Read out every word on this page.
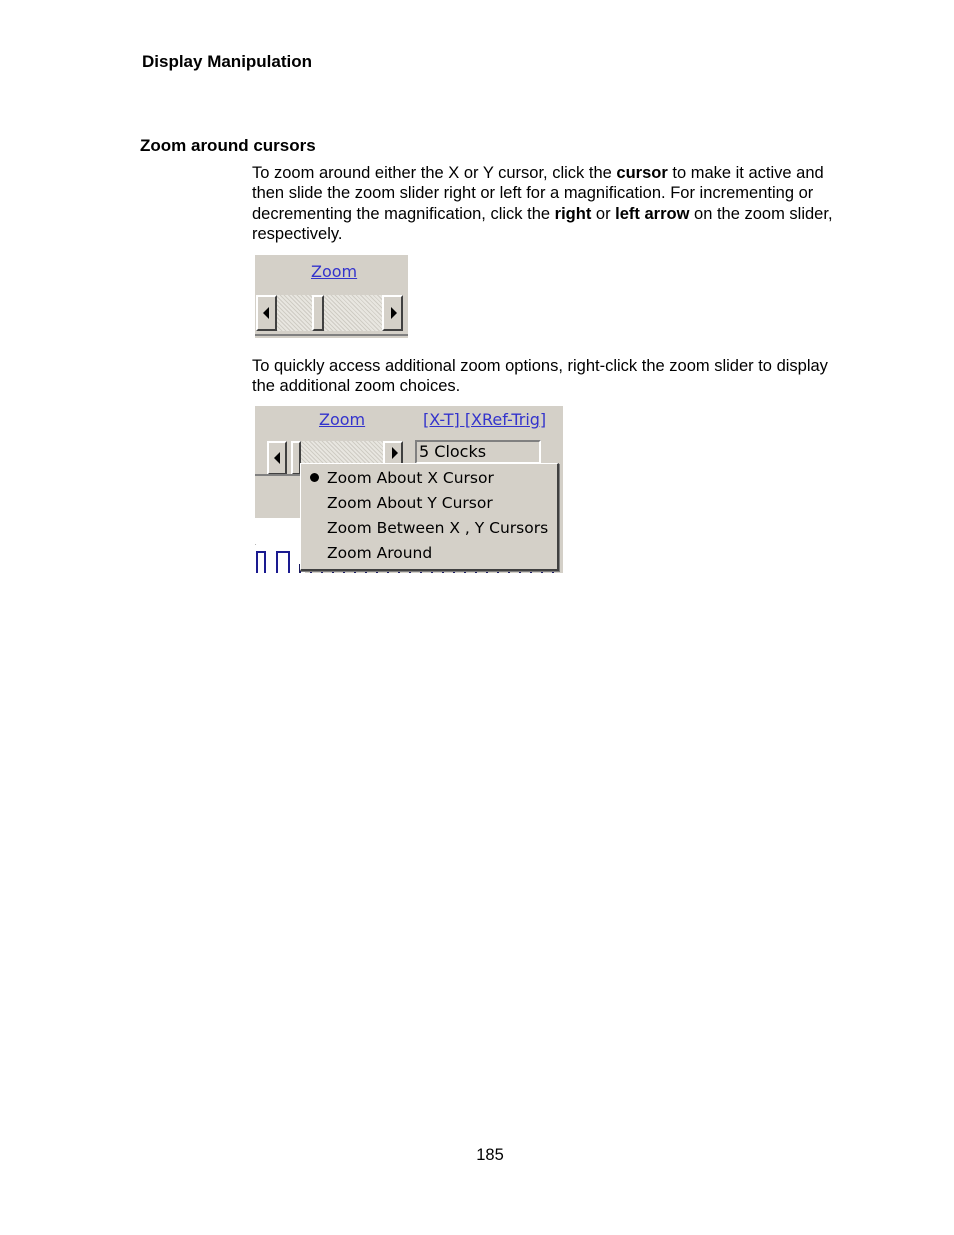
Display Manipulation
Zoom around cursors
To zoom around either the X or Y cursor, click the cursor to make it active and then slide the zoom slider right or left for a magnification. For incrementing or decrementing the magnification, click the right or left arrow on the zoom slider, respectively.
Zoom
To quickly access additional zoom options, right-click the zoom slider to display the additional zoom choices.
Zoom	[X-T] [XRef-Trig]
5 Clocks
Zoom About X Cursor
Zoom About Y Cursor
Zoom Between X , Y Cursors
Zoom Around
185
